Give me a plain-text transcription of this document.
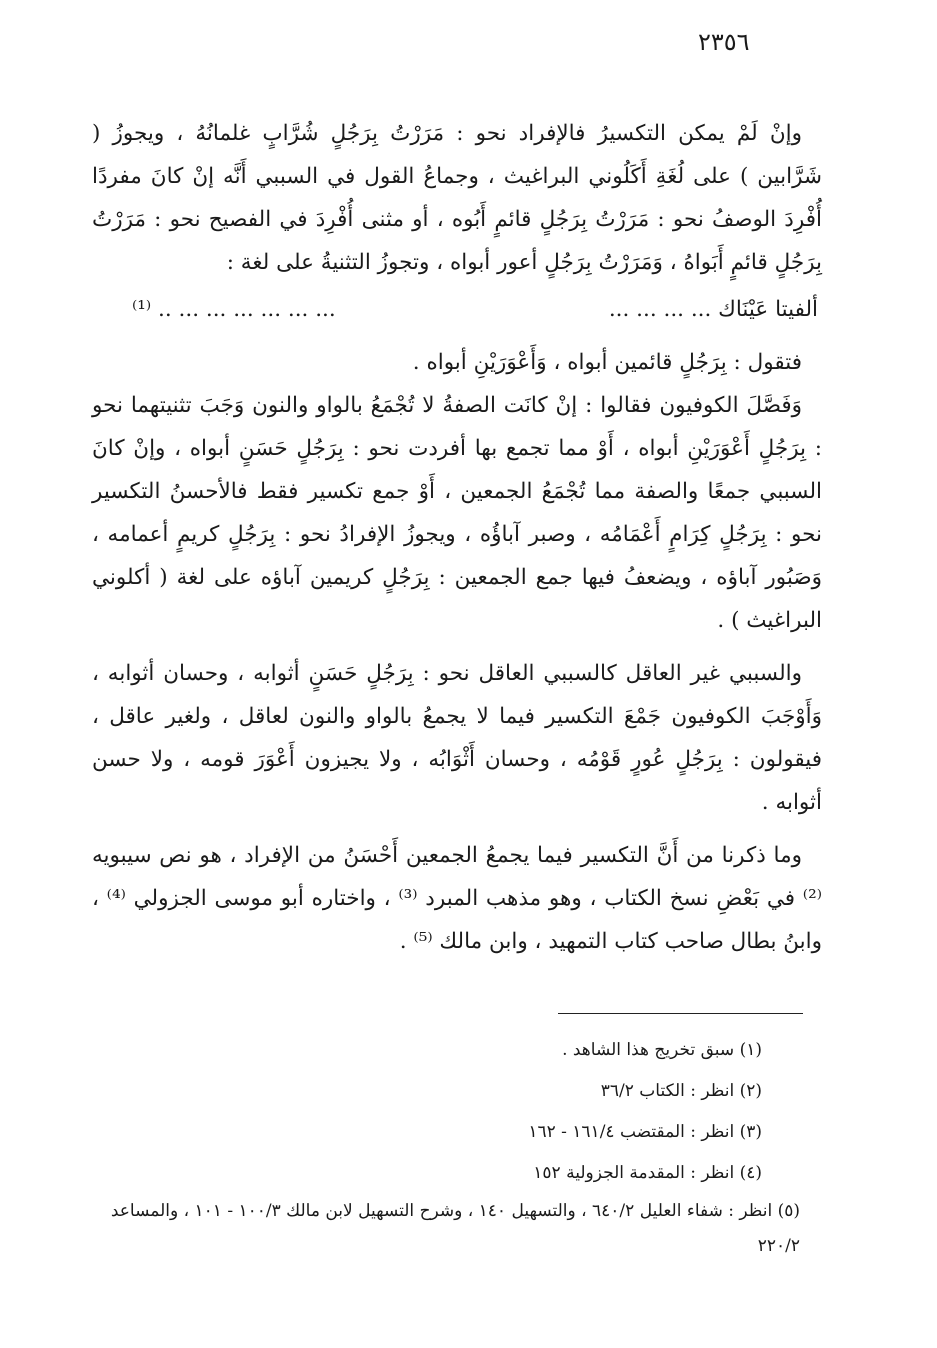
٢٣٥٦

وإنْ لَمْ يمكن التكسيرُ فالإفراد نحو : مَرَرْتُ بِرَجُلٍ شُرَّابٍ غلمانُهُ ، ويجوزُ ( شَرَّابين ) على لُغَةِ أَكَلُوني البراغيث ، وجماعُ القول في السببي أَنَّه إنْ كانَ مفردًا أُفْرِدَ الوصفُ نحو : مَرَرْتُ بِرَجُلٍ قائمٍ أَبُوه ، أو مثنى أُفْرِدَ في الفصيح نحو : مَرَرْتُ بِرَجُلٍ قائمٍ أَبَواهُ ، وَمَرَرْتُ بِرَجُلٍ أعور أبواه ، وتجوزُ التثنيةُ على لغة :

ألفيتا عَيْنَاك ... ... ... ...
... ... ... ... ... ... .. ⁽¹⁾

فتقول : بِرَجُلٍ قائمين أبواه ، وَأَعْوَرَيْنِ أبواه .

وَفَصَّلَ الكوفيون فقالوا : إنْ كانَت الصفةُ لا تُجْمَعُ بالواو والنون وَجَبَ تثنيتهما نحو : بِرَجُلٍ أَعْوَرَيْنِ أبواه ، أَوْ مما تجمع بها أفردت نحو : بِرَجُلٍ حَسَنٍ أبواه ، وإنْ كانَ السببي جمعًا والصفة مما تُجْمَعُ الجمعين ، أَوْ جمع تكسير فقط فالأحسنُ التكسير نحو : بِرَجُلٍ كِرَامٍ أَعْمَامُه ، وصبر آباؤُه ، ويجوزُ الإفرادُ نحو : بِرَجُلٍ كريمٍ أعمامه ، وَصَبُور آباؤه ، ويضعفُ فيها جمع الجمعين : بِرَجُلٍ كريمين آباؤه على لغة ( أكلوني البراغيث ) .

والسببي غير العاقل كالسببي العاقل نحو : بِرَجُلٍ حَسَنٍ أثوابه ، وحسان أثوابه ، وَأَوْجَبَ الكوفيون جَمْعَ التكسير فيما لا يجمعُ بالواو والنون لعاقل ، ولغير عاقل ، فيقولون : بِرَجُلٍ عُورٍ قَوْمُه ، وحسان أَثْوَابُه ، ولا يجيزون أَعْوَرَ قومه ، ولا حسن أثوابه .

وما ذكرنا من أَنَّ التكسير فيما يجمعُ الجمعين أَحْسَنُ من الإفراد ، هو نص سيبويه ⁽²⁾ في بَعْضِ نسخ الكتاب ، وهو مذهب المبرد ⁽³⁾ ، واختاره أبو موسى الجزولي ⁽⁴⁾ ، وابنُ بطال صاحب كتاب التمهيد ، وابن مالك ⁽⁵⁾ .

(١) سبق تخريج هذا الشاهد .
(٢) انظر : الكتاب ٣٦/٢
(٣) انظر : المقتضب ١٦١/٤ - ١٦٢
(٤) انظر : المقدمة الجزولية ١٥٢
(٥) انظر : شفاء العليل ٦٤٠/٢ ، والتسهيل ١٤٠ ، وشرح التسهيل لابن مالك ١٠٠/٣ - ١٠١ ، والمساعد ٢٢٠/٢
